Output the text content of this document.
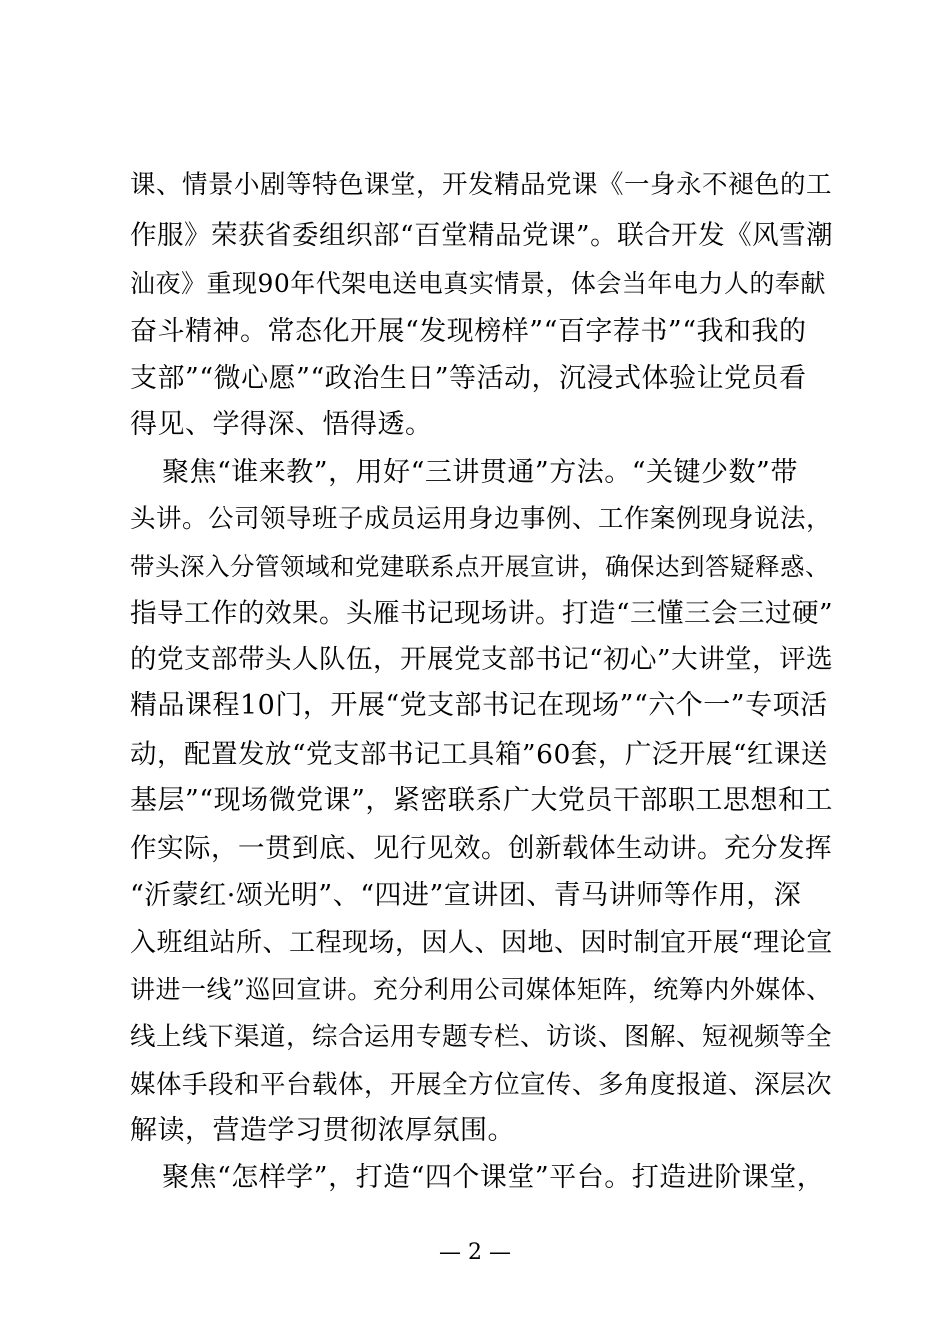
课、情景小剧等特色课堂，开发精品党课《一身永不褪色的工
作服》荣获省委组织部“百堂精品党课”。联合开发《风雪潮
汕夜》重现90年代架电送电真实情景，体会当年电力人的奉献
奋斗精神。常态化开展“发现榜样”“百字荐书”“我和我的
支部”“微心愿”“政治生日”等活动，沉浸式体验让党员看
得见、学得深、悟得透。
聚焦“谁来教”，用好“三讲贯通”方法。“关键少数”带
头讲。公司领导班子成员运用身边事例、工作案例现身说法，
带头深入分管领域和党建联系点开展宣讲，确保达到答疑释惑、
指导工作的效果。头雁书记现场讲。打造“三懂三会三过硬”
的党支部带头人队伍，开展党支部书记“初心”大讲堂，评选
精品课程10门，开展“党支部书记在现场”“六个一”专项活
动，配置发放“党支部书记工具箱”60套，广泛开展“红课送
基层”“现场微党课”，紧密联系广大党员干部职工思想和工
作实际，一贯到底、见行见效。创新载体生动讲。充分发挥
“沂蒙红·颂光明”、“四进”宣讲团、青马讲师等作用，深
入班组站所、工程现场，因人、因地、因时制宜开展“理论宣
讲进一线”巡回宣讲。充分利用公司媒体矩阵，统筹内外媒体、
线上线下渠道，综合运用专题专栏、访谈、图解、短视频等全
媒体手段和平台载体，开展全方位宣传、多角度报道、深层次
解读，营造学习贯彻浓厚氛围。
聚焦“怎样学”，打造“四个课堂”平台。打造进阶课堂，
— 2 —
